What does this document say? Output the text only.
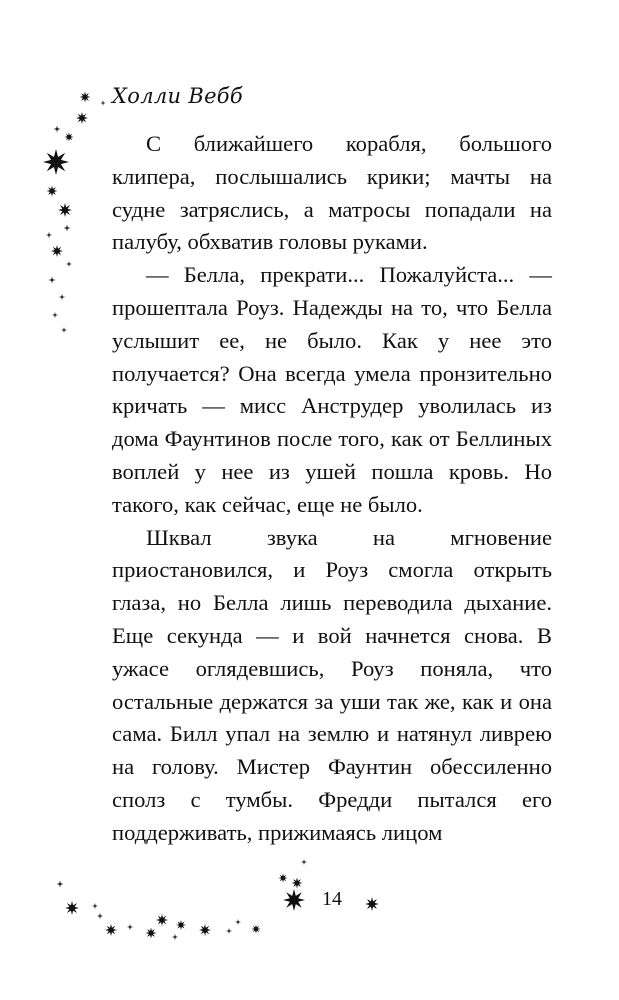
Холли Вебб

С ближайшего корабля, большого клипера, послышались крики; мачты на судне затряслись, а матросы попадали на палубу, обхватив головы руками.

— Белла, прекрати... Пожалуйста... — прошептала Роуз. Надежды на то, что Белла услышит ее, не было. Как у нее это получается? Она всегда умела пронзительно кричать — мисс Анструдер уволилась из дома Фаунтинов после того, как от Беллиных воплей у нее из ушей пошла кровь. Но такого, как сейчас, еще не было.

Шквал звука на мгновение приостановился, и Роуз смогла открыть глаза, но Белла лишь переводила дыхание. Еще секунда — и вой начнется снова. В ужасе оглядевшись, Роуз поняла, что остальные держатся за уши так же, как и она сама. Билл упал на землю и натянул ливрею на голову. Мистер Фаунтин обессиленно сполз с тумбы. Фредди пытался его поддерживать, прижимаясь лицом

14
